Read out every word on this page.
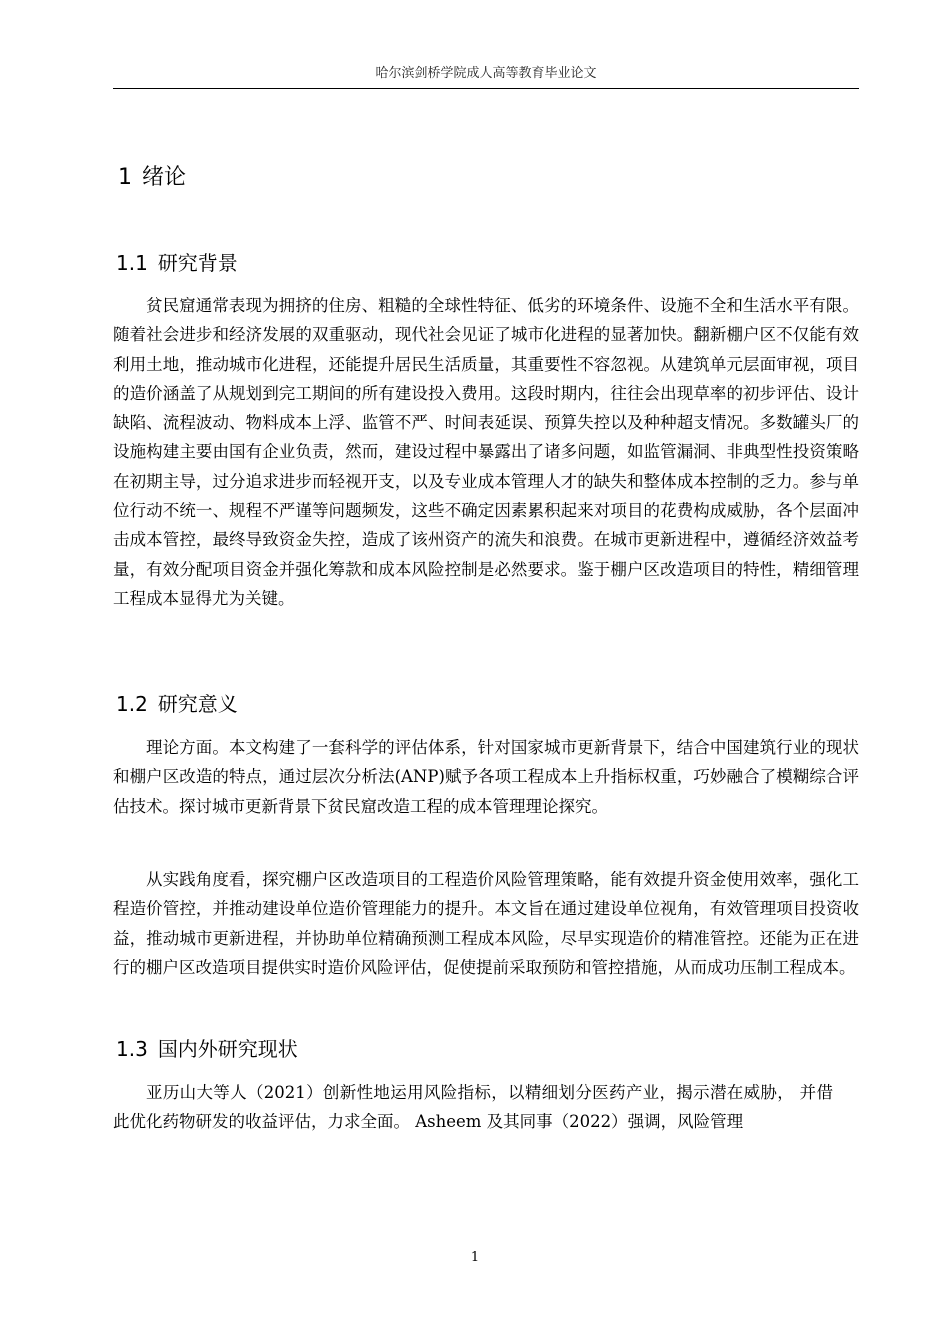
哈尔滨剑桥学院成人高等教育毕业论文
1 绪论
1.1 研究背景

贫民窟通常表现为拥挤的住房、粗糙的全球性特征、低劣的环境条件、设施不全和生活水平有限。随着社会进步和经济发展的双重驱动，现代社会见证了城市化进程的显著加快。翻新棚户区不仅能有效利用土地，推动城市化进程，还能提升居民生活质量，其重要性不容忽视。从建筑单元层面审视，项目的造价涵盖了从规划到完工期间的所有建设投入费用。这段时期内，往往会出现草率的初步评估、设计缺陷、流程波动、物料成本上浮、监管不严、时间表延误、预算失控以及种种超支情况。多数罐头厂的设施构建主要由国有企业负责，然而，建设过程中暴露出了诸多问题，如监管漏洞、非典型性投资策略在初期主导，过分追求进步而轻视开支，以及专业成本管理人才的缺失和整体成本控制的乏力。参与单位行动不统一、规程不严谨等问题频发，这些不确定因素累积起来对项目的花费构成威胁，各个层面冲击成本管控，最终导致资金失控，造成了该州资产的流失和浪费。在城市更新进程中，遵循经济效益考量，有效分配项目资金并强化筹款和成本风险控制是必然要求。鉴于棚户区改造项目的特性，精细管理工程成本显得尤为关键。

1.2 研究意义

理论方面。本文构建了一套科学的评估体系，针对国家城市更新背景下，结合中国建筑行业的现状和棚户区改造的特点，通过层次分析法(ANP)赋予各项工程成本上升指标权重，巧妙融合了模糊综合评估技术。探讨城市更新背景下贫民窟改造工程的成本管理理论探究。

从实践角度看，探究棚户区改造项目的工程造价风险管理策略，能有效提升资金使用效率，强化工程造价管控，并推动建设单位造价管理能力的提升。本文旨在通过建设单位视角，有效管理项目投资收益，推动城市更新进程，并协助单位精确预测工程成本风险，尽早实现造价的精准管控。还能为正在进行的棚户区改造项目提供实时造价风险评估，促使提前采取预防和管控措施，从而成功压制工程成本。

1.3 国内外研究现状

亚历山大等人（2021）创新性地运用风险指标，以精细划分医药产业，揭示潜在威胁， 并借此优化药物研发的收益评估，力求全面。 Asheem 及其同事（2022）强调，风险管理

1
